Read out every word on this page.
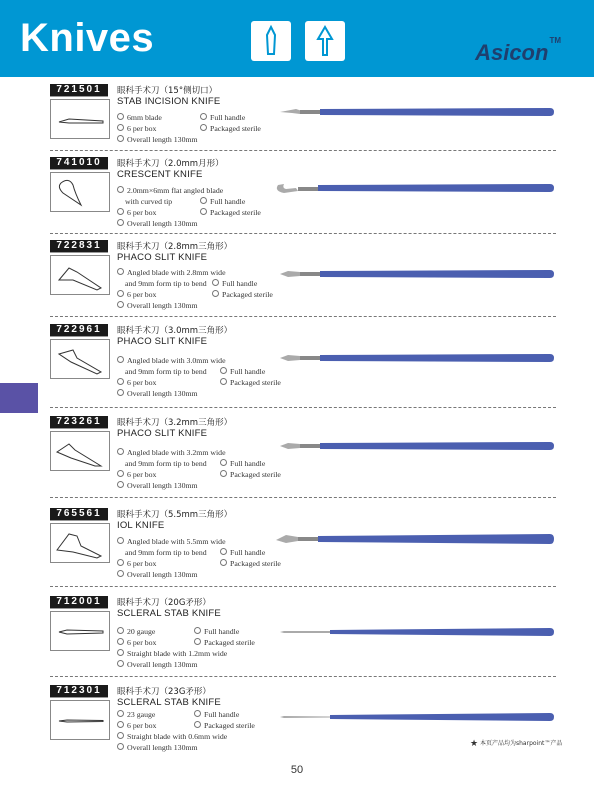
Knives	Asicon™
721501	眼科手术刀（15°侧切口）
STAB INCISION KNIFE
6mm blade	Full handle
6 per box	Packaged sterile
Overall length 130mm
741010	眼科手术刀（2.0mm月形）
CRESCENT KNIFE
2.0mm×6mm flat angled blade
with curved tip	Full handle
6 per box	Packaged sterile
Overall length 130mm
722831	眼科手术刀（2.8mm三角形）
PHACO SLIT KNIFE
Angled blade with 2.8mm wide
and 9mm form tip to bend	Full handle
6 per box	Packaged sterile
Overall length 130mm
722961	眼科手术刀（3.0mm三角形）
PHACO SLIT KNIFE
Angled blade with 3.0mm wide
and 9mm form tip to bend	Full handle
6 per box	Packaged sterile
Overall length 130mm
723261	眼科手术刀（3.2mm三角形）
PHACO SLIT KNIFE
Angled blade with 3.2mm wide
and 9mm form tip to bend	Full handle
6 per box	Packaged sterile
Overall length 130mm
765561	眼科手术刀（5.5mm三角形）
IOL KNIFE
Angled blade with 5.5mm wide
and 9mm form tip to bend	Full handle
6 per box	Packaged sterile
Overall length 130mm
712001	眼科手术刀（20G矛形）
SCLERAL STAB KNIFE
20 gauge	Full handle
6 per box	Packaged sterile
Straight blade with 1.2mm wide
Overall length 130mm
712301	眼科手术刀（23G矛形）
SCLERAL STAB KNIFE
23 gauge	Full handle
6 per box	Packaged sterile
Straight blade with 0.6mm wide
Overall length 130mm	★ 本页产品均为sharpoint™产品
50
